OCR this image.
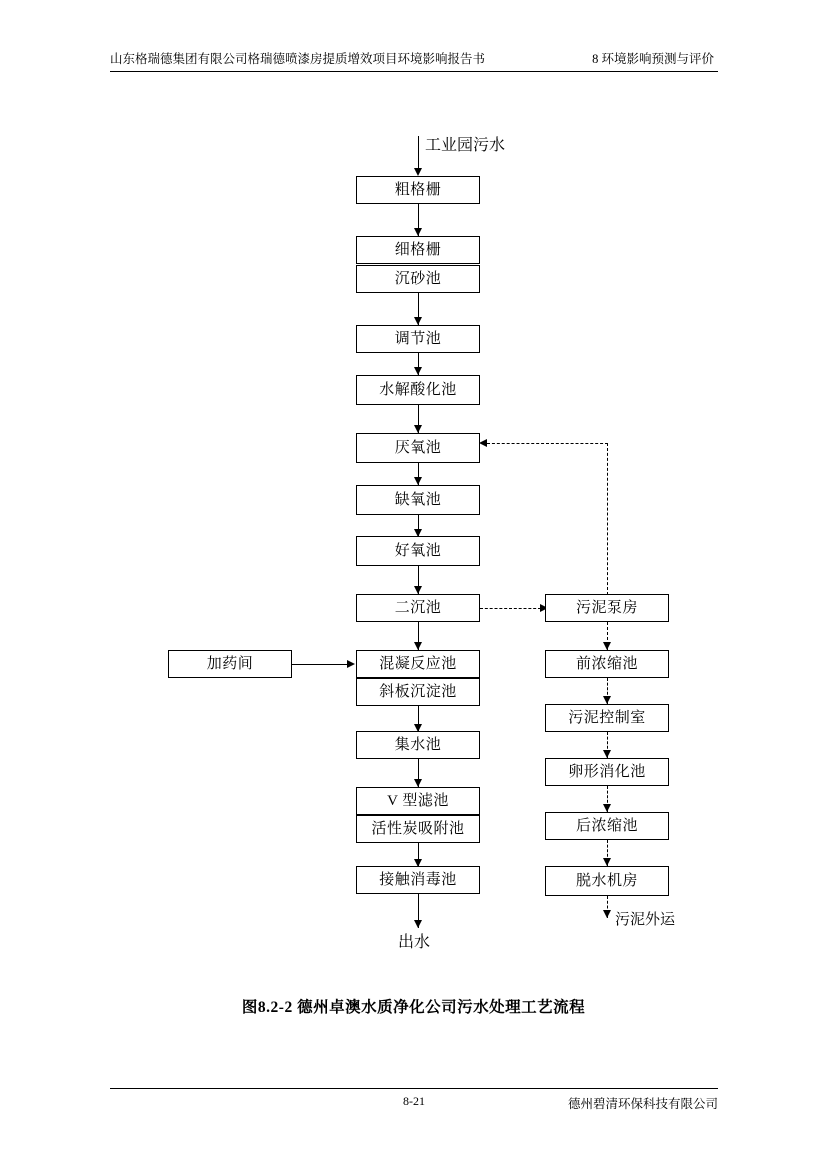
山东格瑞德集团有限公司格瑞德喷漆房提质增效项目环境影响报告书	8 环境影响预测与评价
工业园污水
粗格栅
细格栅
沉砂池
调节池
水解酸化池
厌氧池
缺氧池
好氧池
二沉池
混凝反应池
斜板沉淀池
集水池
V 型滤池
活性炭吸附池
接触消毒池
出水
加药间
污泥泵房
前浓缩池
污泥控制室
卵形消化池
后浓缩池
脱水机房
污泥外运
图8.2-2 德州卓澳水质净化公司污水处理工艺流程
8-21	德州碧清环保科技有限公司
